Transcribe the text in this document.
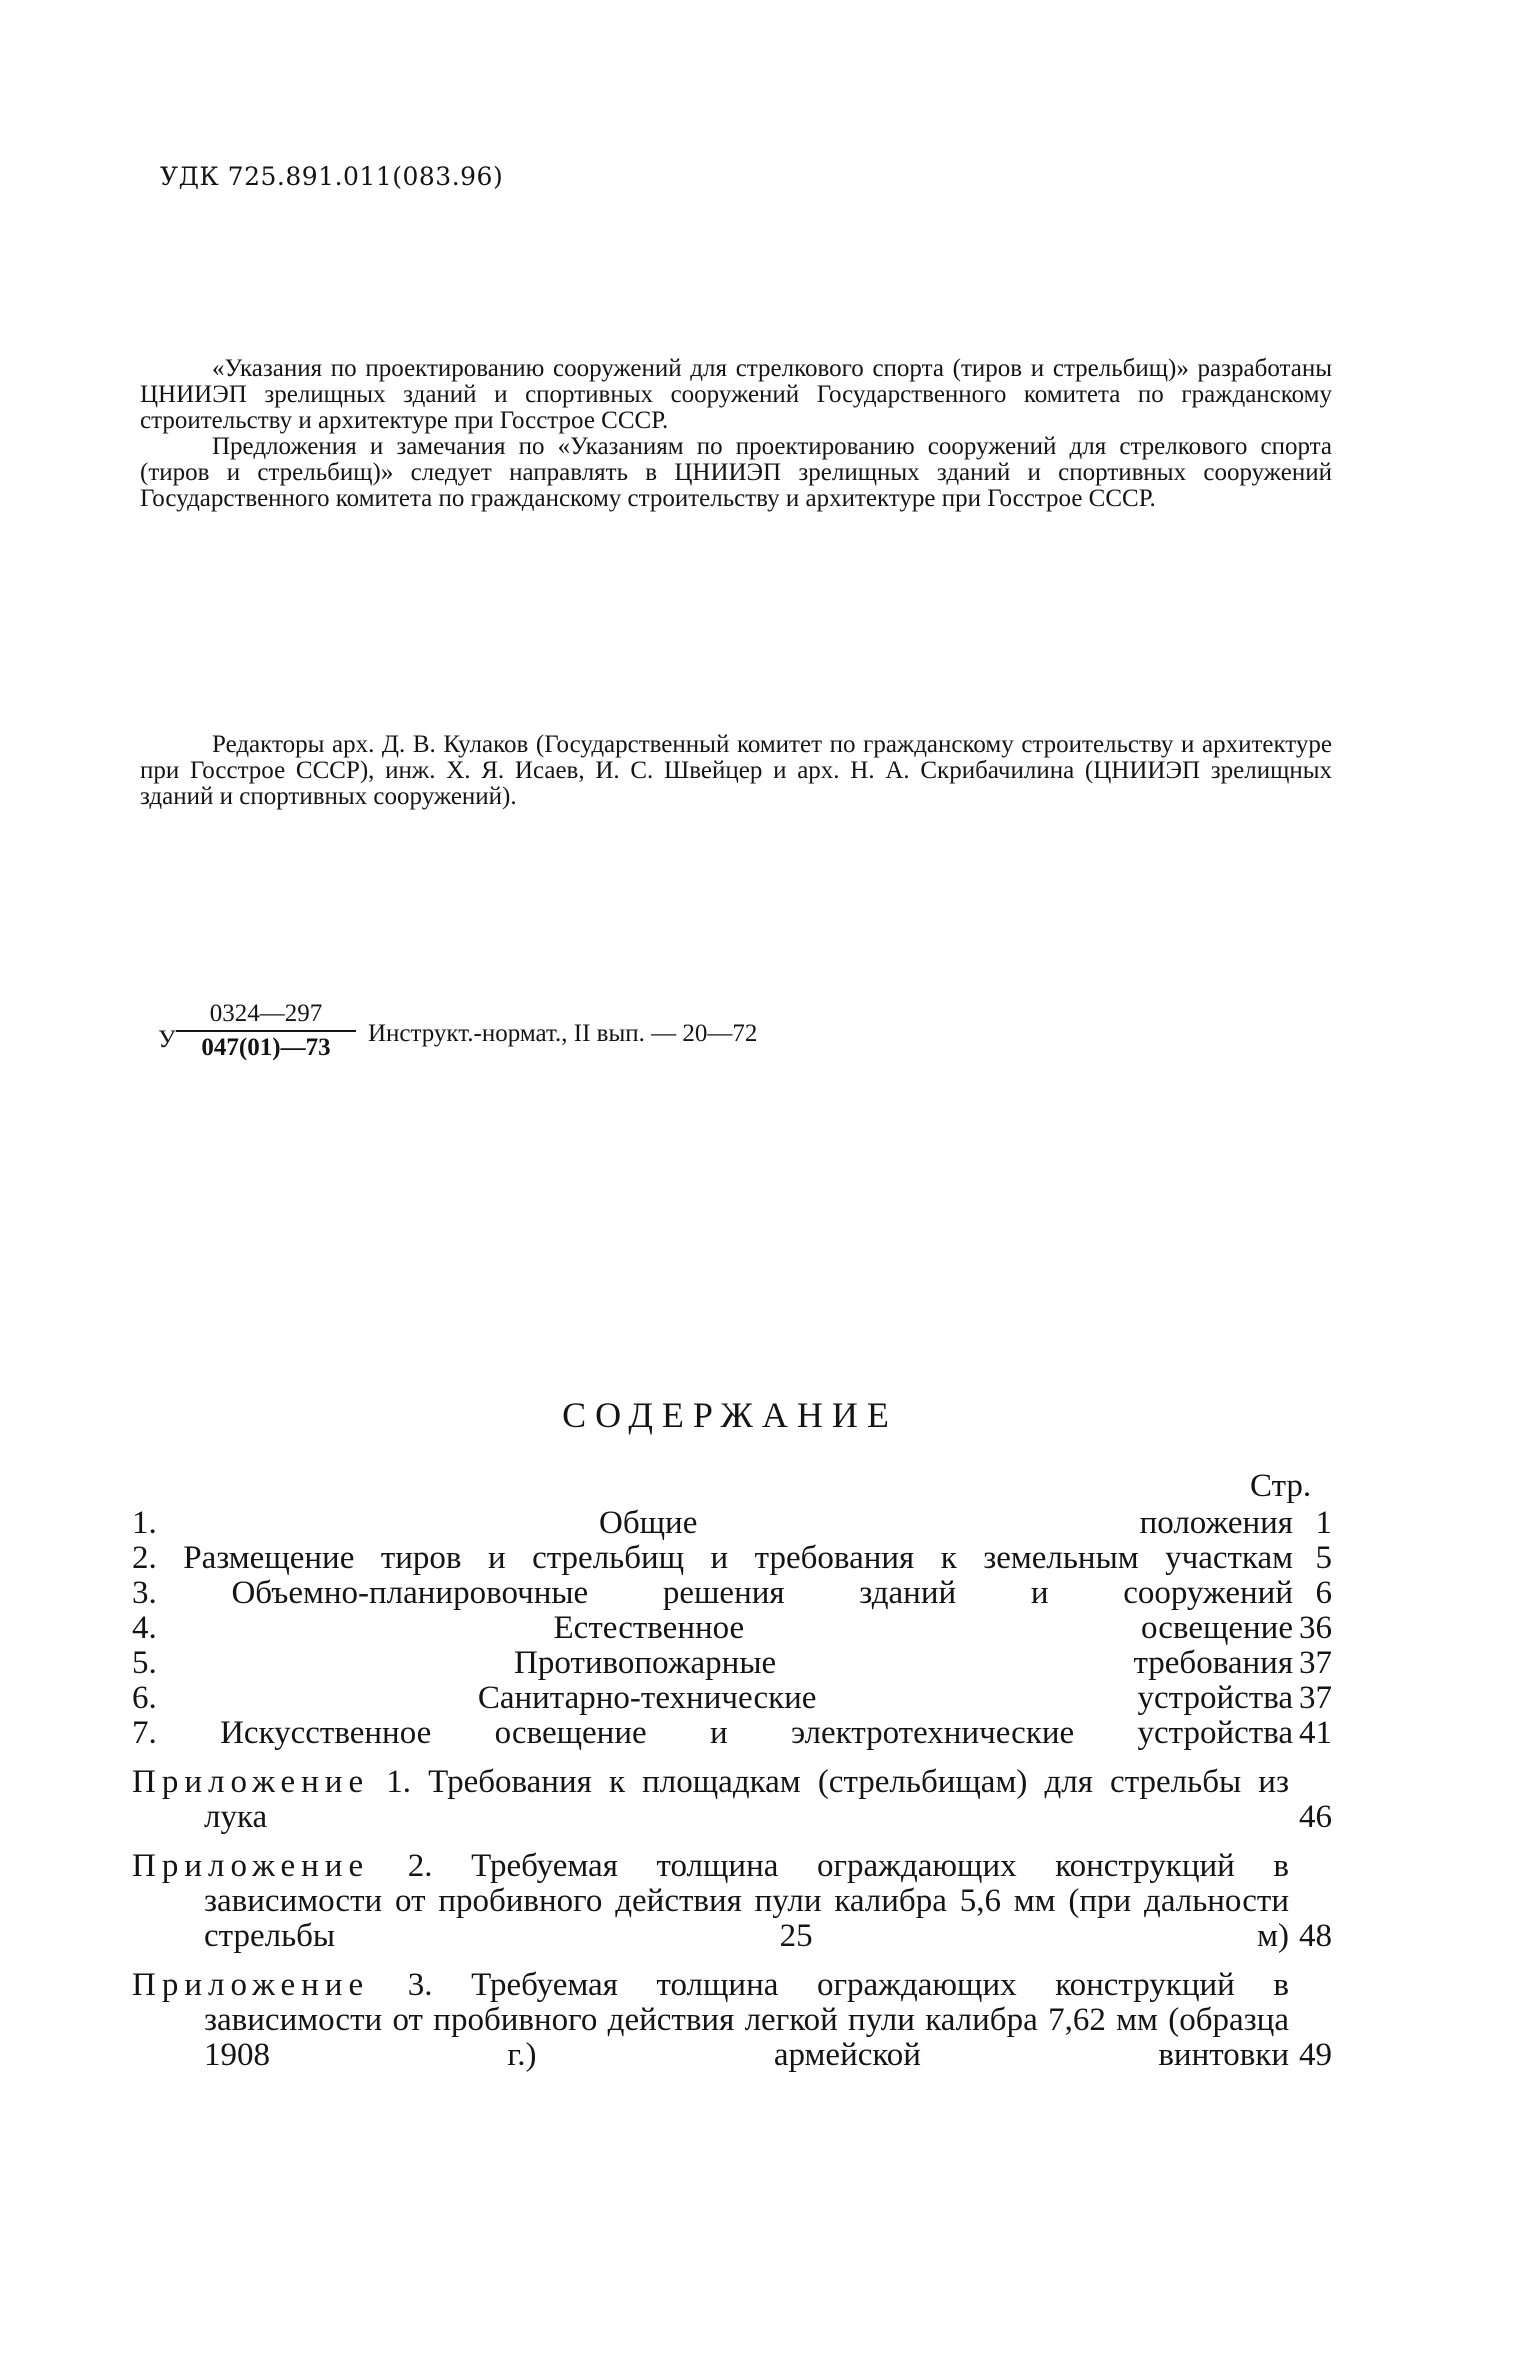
УДК 725.891.011(083.96)

«Указания по проектированию сооружений для стрелкового спорта (тиров и стрельбищ)» разработаны ЦНИИЭП зрелищных зданий и спортивных сооружений Государственного комитета по гражданскому строительству и архитектуре при Госстрое СССР.

Предложения и замечания по «Указаниям по проектированию сооружений для стрелкового спорта (тиров и стрельбищ)» следует направлять в ЦНИИЭП зрелищных зданий и спортивных сооружений Государственного комитета по гражданскому строительству и архитектуре при Госстрое СССР.

Редакторы арх. Д. В. Кулаков (Государственный комитет по гражданскому строительству и архитектуре при Госстрое СССР), инж. Х. Я. Исаев, И. С. Швейцер и арх. Н. А. Скрибачилина (ЦНИИЭП зрелищных зданий и спортивных сооружений).

У $\frac{0324—297}{047(01)—73}$ Инструкт.-нормат., II вып. — 20—72
СОДЕРЖАНИЕ
Стр.
1. Общие положения 1
2. Размещение тиров и стрельбищ и требования к земельным участкам 5
3. Объемно-планировочные решения зданий и сооружений 6
4. Естественное освещение 36
5. Противопожарные требования 37
6. Санитарно-технические устройства 37
7. Искусственное освещение и электротехнические устройства 41
Приложение 1. Требования к площадкам (стрельбищам) для стрельбы из лука	46
Приложение 2. Требуемая толщина ограждающих конструкций в зависимости от пробивного действия пули калибра 5,6 мм (при дальности стрельбы 25 м) 48
Приложение 3. Требуемая толщина ограждающих конструкций в зависимости от пробивного действия легкой пули калибра 7,62 мм (образца 1908 г.) армейской винтовки 49
